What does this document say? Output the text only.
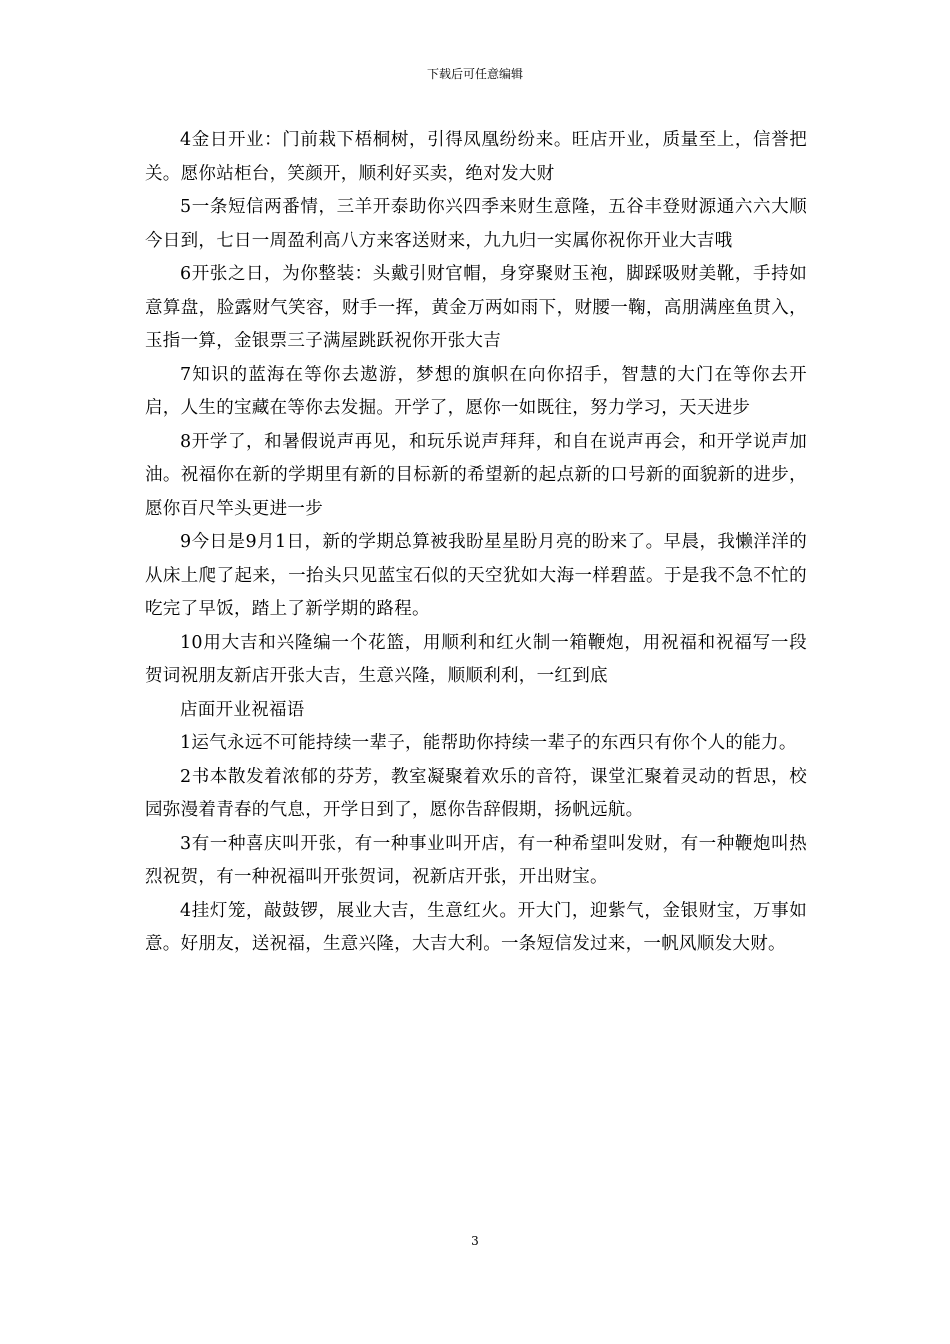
下载后可任意编辑

4金日开业：门前栽下梧桐树，引得凤凰纷纷来。旺店开业，质量至上，信誉把关。愿你站柜台，笑颜开，顺利好买卖，绝对发大财

5一条短信两番情，三羊开泰助你兴四季来财生意隆，五谷丰登财源通六六大顺今日到，七日一周盈利高八方来客送财来，九九归一实属你祝你开业大吉哦

6开张之日，为你整装：头戴引财官帽，身穿聚财玉袍，脚踩吸财美靴，手持如意算盘，脸露财气笑容，财手一挥，黄金万两如雨下，财腰一鞠，高朋满座鱼贯入，玉指一算，金银票三子满屋跳跃祝你开张大吉

7知识的蓝海在等你去遨游，梦想的旗帜在向你招手，智慧的大门在等你去开启，人生的宝藏在等你去发掘。开学了，愿你一如既往，努力学习，天天进步

8开学了，和暑假说声再见，和玩乐说声拜拜，和自在说声再会，和开学说声加油。祝福你在新的学期里有新的目标新的希望新的起点新的口号新的面貌新的进步，愿你百尺竿头更进一步

9今日是9月1日，新的学期总算被我盼星星盼月亮的盼来了。早晨，我懒洋洋的从床上爬了起来，一抬头只见蓝宝石似的天空犹如大海一样碧蓝。于是我不急不忙的吃完了早饭，踏上了新学期的路程。

10用大吉和兴隆编一个花篮，用顺利和红火制一箱鞭炮，用祝福和祝福写一段贺词祝朋友新店开张大吉，生意兴隆，顺顺利利，一红到底

店面开业祝福语

1运气永远不可能持续一辈子，能帮助你持续一辈子的东西只有你个人的能力。

2书本散发着浓郁的芬芳，教室凝聚着欢乐的音符，课堂汇聚着灵动的哲思，校园弥漫着青春的气息，开学日到了，愿你告辞假期，扬帆远航。

3有一种喜庆叫开张，有一种事业叫开店，有一种希望叫发财，有一种鞭炮叫热烈祝贺，有一种祝福叫开张贺词，祝新店开张，开出财宝。

4挂灯笼，敲鼓锣，展业大吉，生意红火。开大门，迎紫气，金银财宝，万事如意。好朋友，送祝福，生意兴隆，大吉大利。一条短信发过来，一帆风顺发大财。

3
